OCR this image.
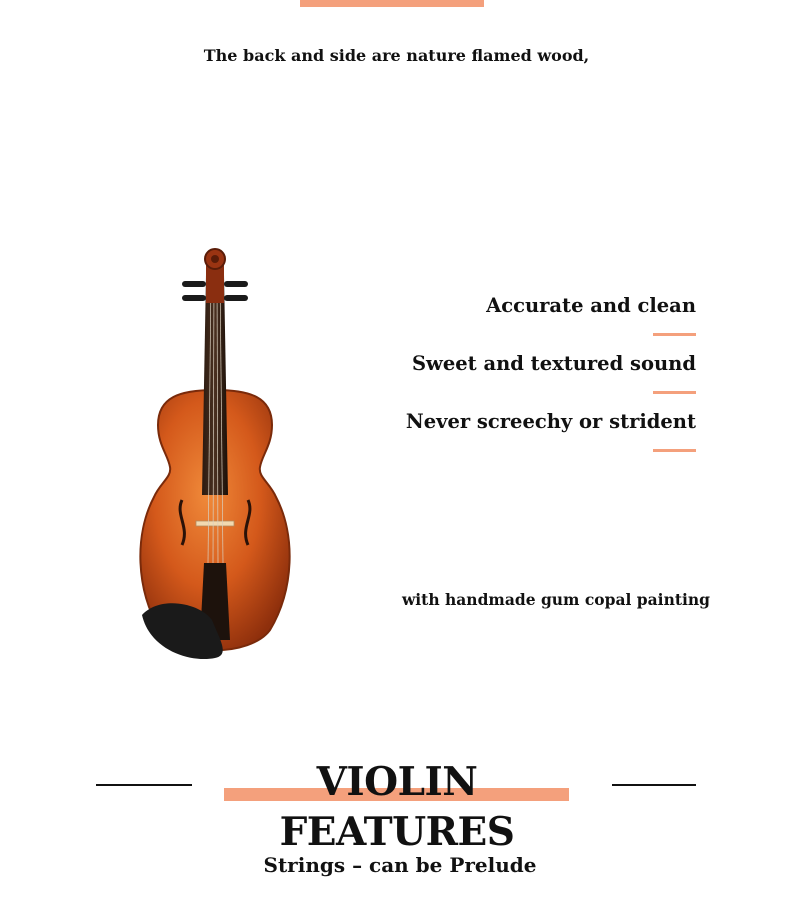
The back and side are nature flamed wood,
Accurate and clean
Sweet and textured sound
Never screechy or strident
with handmade gum copal painting
VIOLIN FEATURES
Strings – can be Prelude
